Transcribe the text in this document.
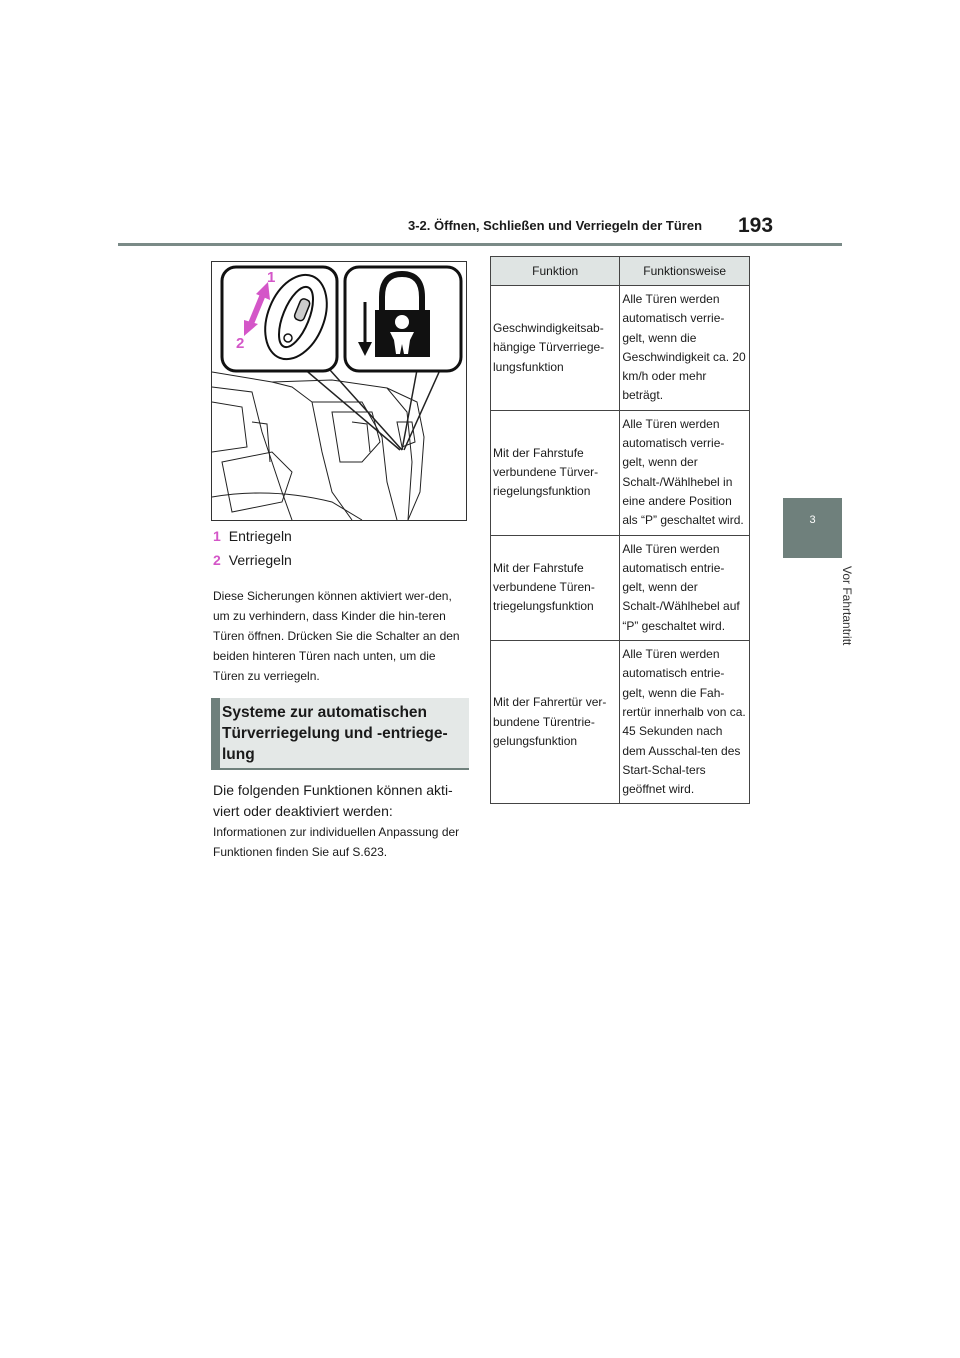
3-2. Öffnen, Schließen und Verriegeln der Türen 193
3
Vor Fahrtantritt
1
2
1 Entriegeln
2 Verriegeln

Diese Sicherungen können aktiviert wer-den, um zu verhindern, dass Kinder die hin-teren Türen öffnen. Drücken Sie die Schalter an den beiden hinteren Türen nach unten, um die Türen zu verriegeln.

Systeme zur automatischen
Türverriegelung und -entriege-
lung

Die folgenden Funktionen können akti-viert oder deaktiviert werden:

Informationen zur individuellen Anpassung der Funktionen finden Sie auf S.623.

Funktion	Funktionsweise
Geschwindigkeitsab-hängige Türverriege-lungsfunktion	Alle Türen werden automatisch verrie-gelt, wenn die Geschwindigkeit ca. 20 km/h oder mehr beträgt.
Mit der Fahrstufe verbundene Türver-riegelungsfunktion	Alle Türen werden automatisch verrie-gelt, wenn der Schalt-/Wählhebel in eine andere Position als “P” geschaltet wird.
Mit der Fahrstufe verbundene Türen-triegelungsfunktion	Alle Türen werden automatisch entrie-gelt, wenn der Schalt-/Wählhebel auf “P” geschaltet wird.
Mit der Fahrertür ver-bundene Türentrie-gelungsfunktion	Alle Türen werden automatisch entrie-gelt, wenn die Fah-rertür innerhalb von ca. 45 Sekunden nach dem Ausschal-ten des Start-Schal-ters geöffnet wird.
